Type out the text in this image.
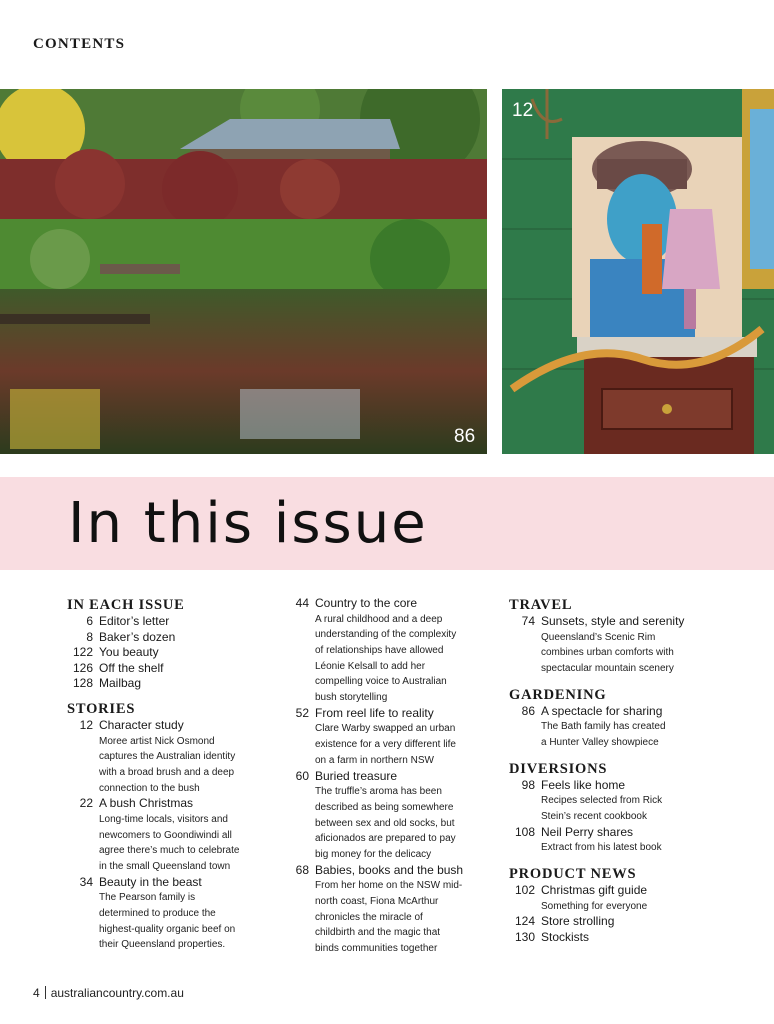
CONTENTS
86
12
In this issue
IN EACH ISSUE
6 Editor’s letter
8 Baker’s dozen
122 You beauty
126 Off the shelf
128 Mailbag
STORIES
12 Character study
Moree artist Nick Osmond
captures the Australian identity
with a broad brush and a deep
connection to the bush
22 A bush Christmas
Long-time locals, visitors and
newcomers to Goondiwindi all
agree there’s much to celebrate
in the small Queensland town
34 Beauty in the beast
The Pearson family is
determined to produce the
highest-quality organic beef on
their Queensland properties.
44 Country to the core
A rural childhood and a deep
understanding of the complexity
of relationships have allowed
Léonie Kelsall to add her
compelling voice to Australian
bush storytelling
52 From reel life to reality
Clare Warby swapped an urban
existence for a very different life
on a farm in northern NSW
60 Buried treasure
The truffle’s aroma has been
described as being somewhere
between sex and old socks, but
aficionados are prepared to pay
big money for the delicacy
68 Babies, books and the bush
From her home on the NSW mid-
north coast, Fiona McArthur
chronicles the miracle of
childbirth and the magic that
binds communities together
TRAVEL
74 Sunsets, style and serenity
Queensland’s Scenic Rim
combines urban comforts with
spectacular mountain scenery
GARDENING
86 A spectacle for sharing
The Bath family has created
a Hunter Valley showpiece
DIVERSIONS
98 Feels like home
Recipes selected from Rick
Stein’s recent cookbook
108 Neil Perry shares
Extract from his latest book
PRODUCT NEWS
102 Christmas gift guide
Something for everyone
124 Store strolling
130 Stockists
4 australiancountry.com.au
